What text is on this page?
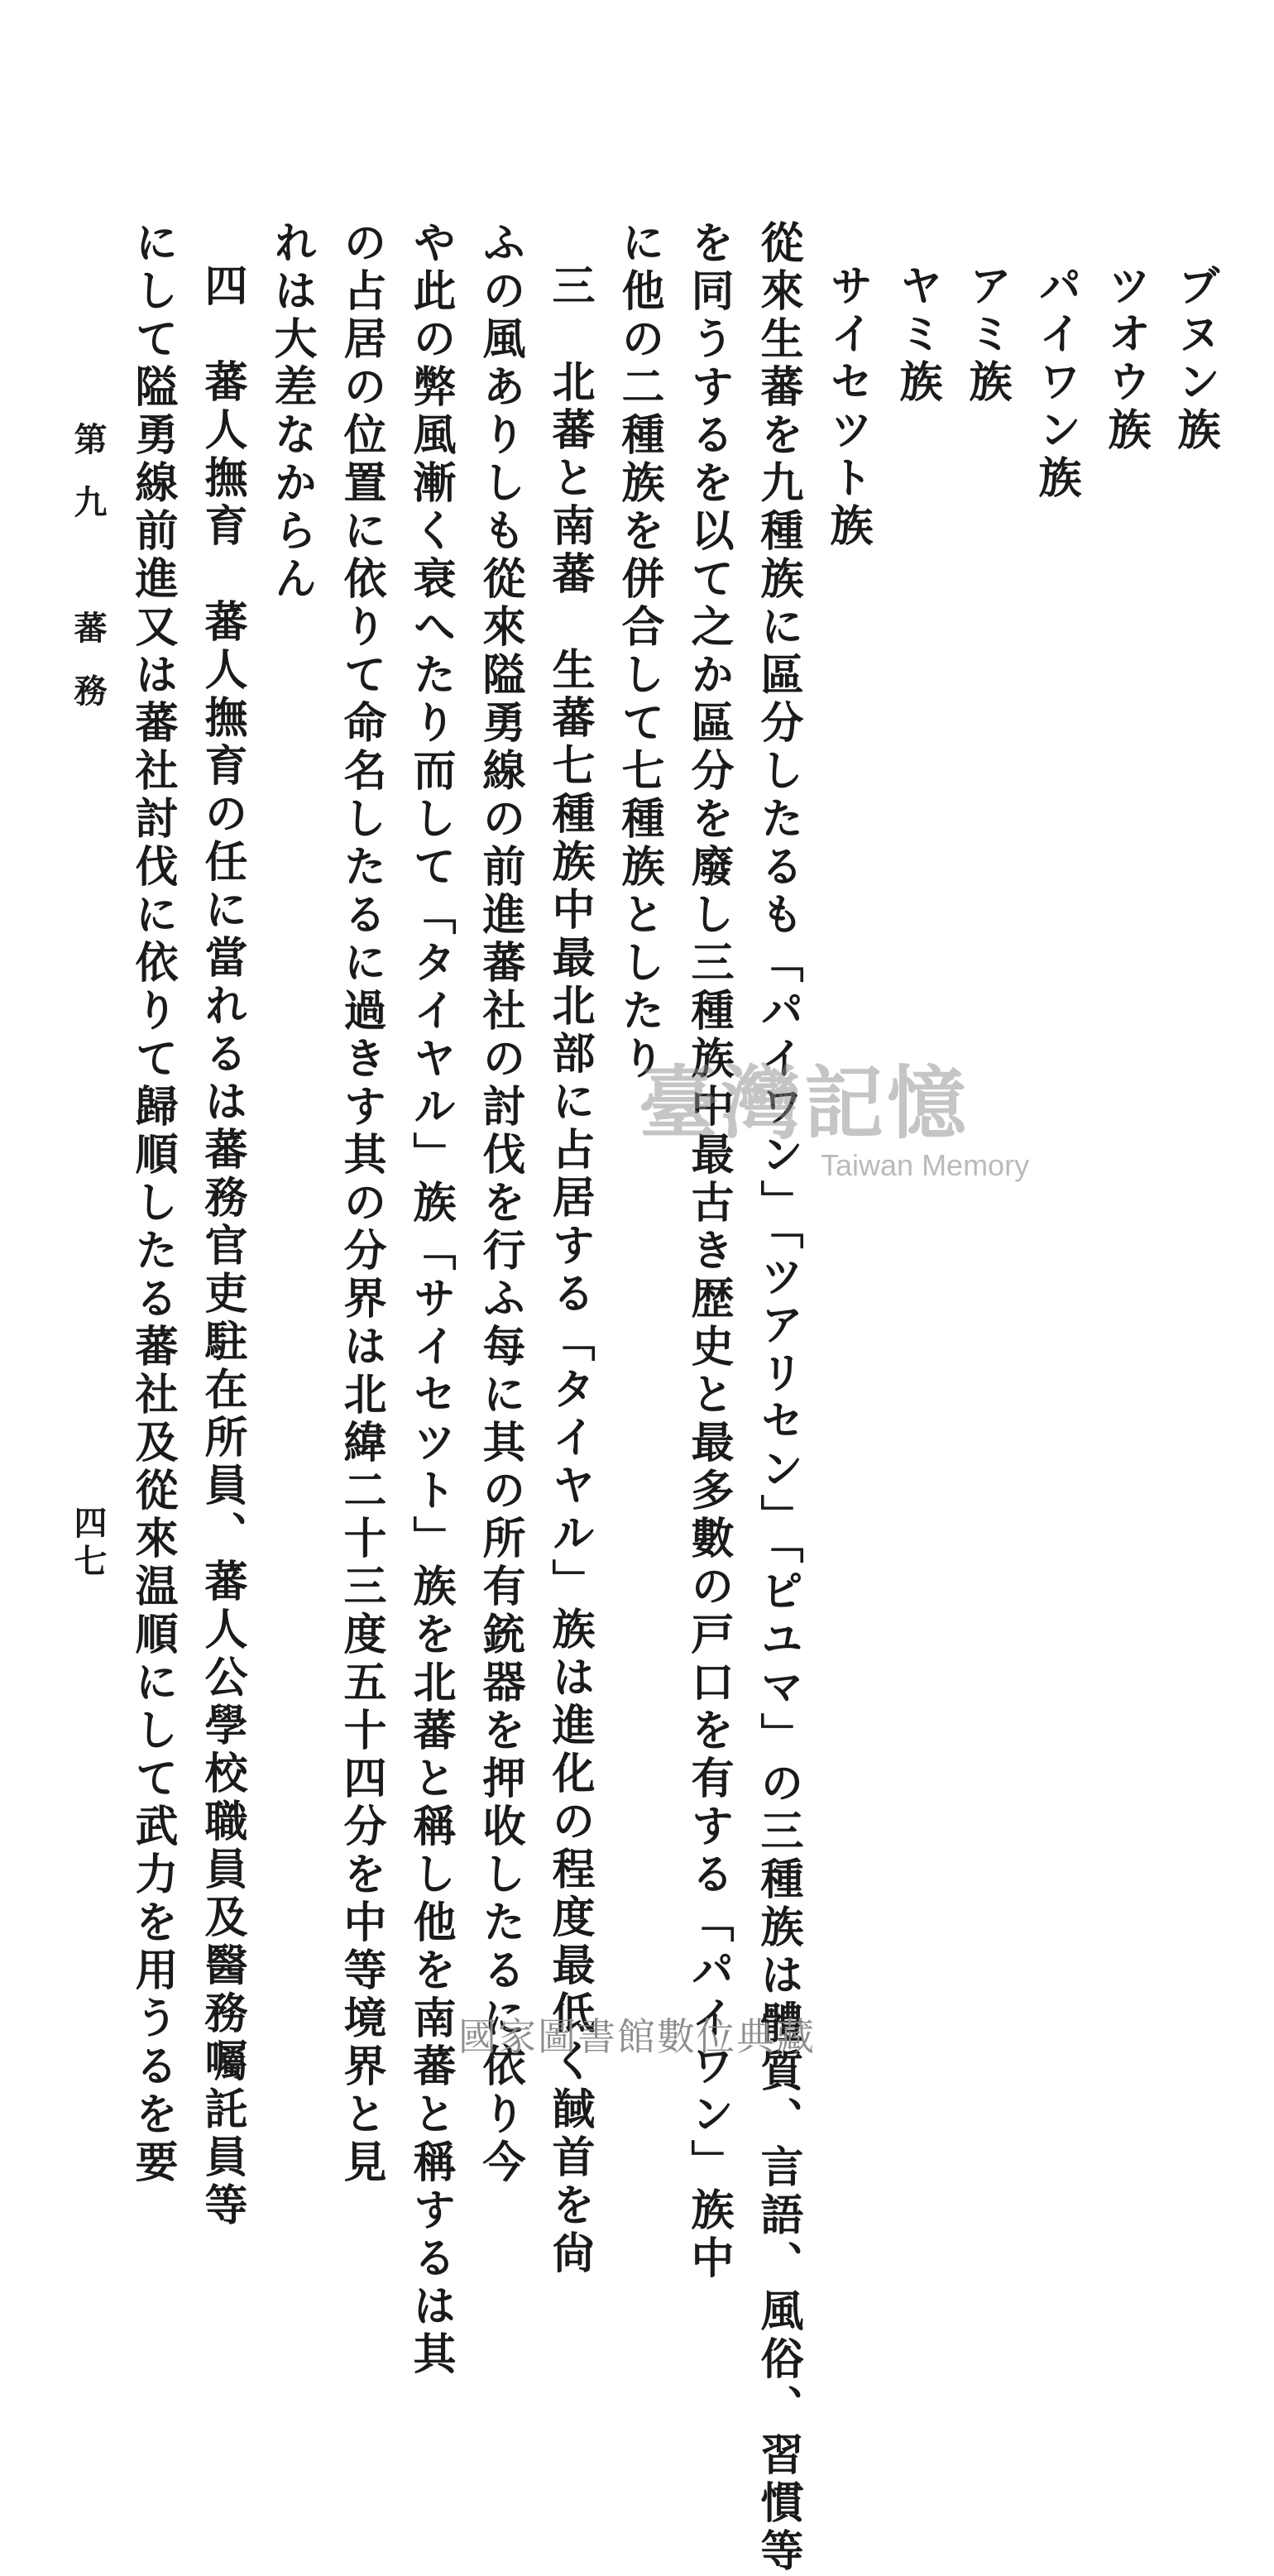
ブヌン族
ツオウ族
パイワン族
アミ族
ヤミ族
サイセツト族
從來生蕃を九種族に區分したるも「パイワン」「ツアリセン」「ピユマ」の三種族は體質、言語、風俗、習慣等
を同うするを以て之か區分を廢し三種族中最古き歴史と最多數の戸口を有する「パイワン」族中
に他の二種族を併合して七種族としたり
三　北蕃と南蕃　生蕃七種族中最北部に占居する「タイヤル」族は進化の程度最低く馘首を尙
ふの風ありしも從來隘勇線の前進蕃社の討伐を行ふ每に其の所有銃器を押收したるに依り今
や此の弊風漸く衰へたり而して「タイヤル」族「サイセツト」族を北蕃と稱し他を南蕃と稱するは其
の占居の位置に依りて命名したるに過きす其の分界は北緯二十三度五十四分を中等境界と見
れは大差なからん
四　蕃人撫育　蕃人撫育の任に當れるは蕃務官吏駐在所員、蕃人公學校職員及醫務囑託員等
にして隘勇線前進又は蕃社討伐に依りて歸順したる蕃社及從來温順にして武力を用うるを要
第九　蕃務
四七
臺灣記憶
Taiwan Memory
國家圖書館數位典藏
